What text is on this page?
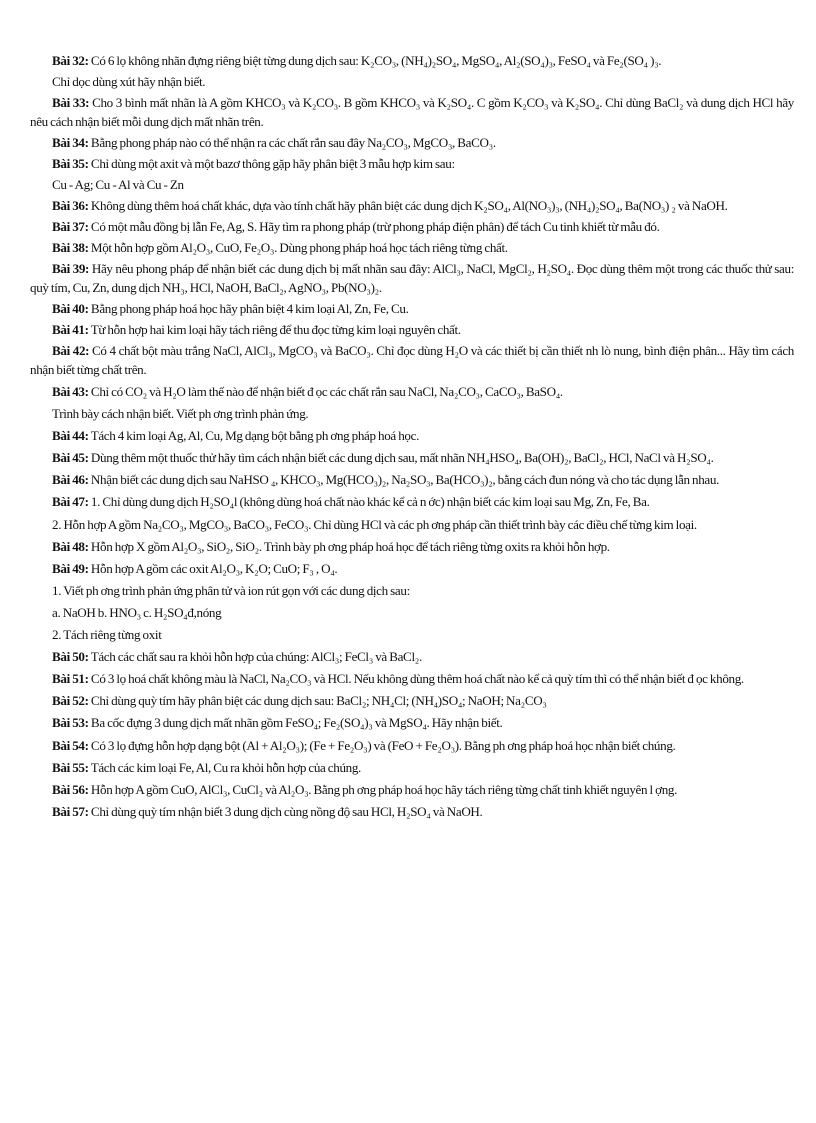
Bài 32: Có 6 lọ không nhãn đựng riêng biệt từng dung dịch sau: K₂CO₃, (NH₄)₂SO₄, MgSO₄, Al₂(SO₄)₃, FeSO₄ và Fe₂(SO₄ )₃.
Chỉ dọc dùng xút hãy nhận biết.
Bài 33: Cho 3 bình mất nhãn là A gồm KHCO₃ và K₂CO₃. B gồm KHCO₃ và K₂SO₄. C gồm K₂CO₃ và K₂SO₄. Chỉ dùng BaCl₂ và dung dịch HCl hãy nêu cách nhận biết mỗi dung dịch mất nhãn trên.
Bài 34: Bằng phong pháp nào có thể nhận ra các chất rắn sau đây Na₂CO₃, MgCO₃, BaCO₃.
Bài 35: Chỉ dùng một axit và một bazơ thông gặp hãy phân biệt 3 mẫu hợp kim sau:
Cu - Ag; Cu - Al và Cu - Zn
Bài 36: Không dùng thêm hoá chất khác, dựa vào tính chất hãy phân biệt các dung dịch K₂SO₄, Al(NO₃)₃, (NH₄)₂SO₄, Ba(NO₃) ₂ và NaOH.
Bài 37: Có một mẫu đồng bị lẫn Fe, Ag, S. Hãy tìm ra phong pháp (trừ phong pháp điện phân) để tách Cu tinh khiết từ mẫu đó.
Bài 38: Một hỗn hợp gồm Al₂O₃, CuO, Fe₂O₃. Dùng phong pháp hoá học tách riêng từng chất.
Bài 39: Hãy nêu phong pháp để nhận biết các dung dịch bị mất nhãn sau đây: AlCl₃, NaCl, MgCl₂, H₂SO₄. Đọc dùng thêm một trong các thuốc thử sau: quỳ tím, Cu, Zn, dung dịch NH₃, HCl, NaOH, BaCl₂, AgNO₃, Pb(NO₃)₂.
Bài 40: Bằng phong pháp hoá học hãy phân biệt 4 kim loại Al, Zn, Fe, Cu.
Bài 41: Từ hỗn hợp hai kim loại hãy tách riêng để thu đọc từng kim loại nguyên chất.
Bài 42: Có 4 chất bột màu trắng NaCl, AlCl₃, MgCO₃ và BaCO₃. Chỉ đọc dùng H₂O và các thiết bị cần thiết nh lò nung, bình điện phân... Hãy tìm cách nhận biết từng chất trên.
Bài 43: Chỉ có CO₂ và H₂O làm thế nào để nhận biết đ ọc các chất rắn sau NaCl, Na₂CO₃, CaCO₃, BaSO₄.
Trình bày cách nhận biết. Viết ph ơng trình phản ứng.
Bài 44: Tách 4 kim loại Ag, Al, Cu, Mg dạng bột bằng ph ơng pháp hoá học.
Bài 45: Dùng thêm một thuốc thử hãy tìm cách nhận biết các dung dịch sau, mất nhãn NH₄HSO₄, Ba(OH)₂, BaCl₂, HCl, NaCl và H₂SO₄.
Bài 46: Nhận biết các dung dịch sau NaHSO ₄, KHCO₃, Mg(HCO₃)₂, Na₂SO₃, Ba(HCO₃)₂, bằng cách đun nóng và cho tác dụng lẫn nhau.
Bài 47: 1. Chỉ dùng dung dịch H₂SO₄l (không dùng hoá chất nào khác kể cả n ớc) nhận biết các kim loại sau Mg, Zn, Fe, Ba.
2. Hỗn hợp A gồm Na₂CO₃, MgCO₃, BaCO₃, FeCO₃. Chỉ dùng HCl và các ph ơng pháp cần thiết trình bày các điều chế từng kim loại.
Bài 48: Hỗn hợp X gồm Al₂O₃, SiO₂, SiO₂. Trình bày ph ơng pháp hoá học để tách riêng từng oxits ra khỏi hỗn hợp.
Bài 49: Hỗn hợp A gồm các oxit Al₂O₃, K₂O; CuO; F₃ , O₄.
1. Viết ph ơng trình phản ứng phân tử và ion rút gọn với các dung dịch sau:
a. NaOH b. HNO₃ c. H₂SO₄đ,nóng
2. Tách riêng từng oxit
Bài 50: Tách các chất sau ra khỏi hỗn hợp của chúng: AlCl₃; FeCl₃ và BaCl₂.
Bài 51: Có 3 lọ hoá chất không màu là NaCl, Na₂CO₃ và HCl. Nếu không dùng thêm hoá chất nào kể cả quỳ tím thì có thể nhận biết đ ọc không.
Bài 52: Chỉ dùng quỳ tím hãy phân biệt các dung dịch sau: BaCl₂; NH₄Cl; (NH₄)SO₄; NaOH; Na₂CO₃
Bài 53: Ba cốc đựng 3 dung dịch mất nhãn gồm FeSO₄; Fe₂(SO₄)₃ và MgSO₄. Hãy nhận biết.
Bài 54: Có 3 lọ đựng hỗn hợp dạng bột (Al + Al₂O₃); (Fe + Fe₂O₃) và (FeO + Fe₂O₃). Bằng ph ơng pháp hoá học nhận biết chúng.
Bài 55: Tách các kim loại Fe, Al, Cu ra khỏi hỗn hợp của chúng.
Bài 56: Hỗn hợp A gồm CuO, AlCl₃, CuCl₂ và Al₂O₃. Bằng ph ơng pháp hoá học hãy tách riêng từng chất tinh khiết nguyên l ợng.
Bài 57: Chỉ dùng quỳ tím nhận biết 3 dung dịch cùng nồng độ sau HCl, H₂SO₄ và NaOH.
